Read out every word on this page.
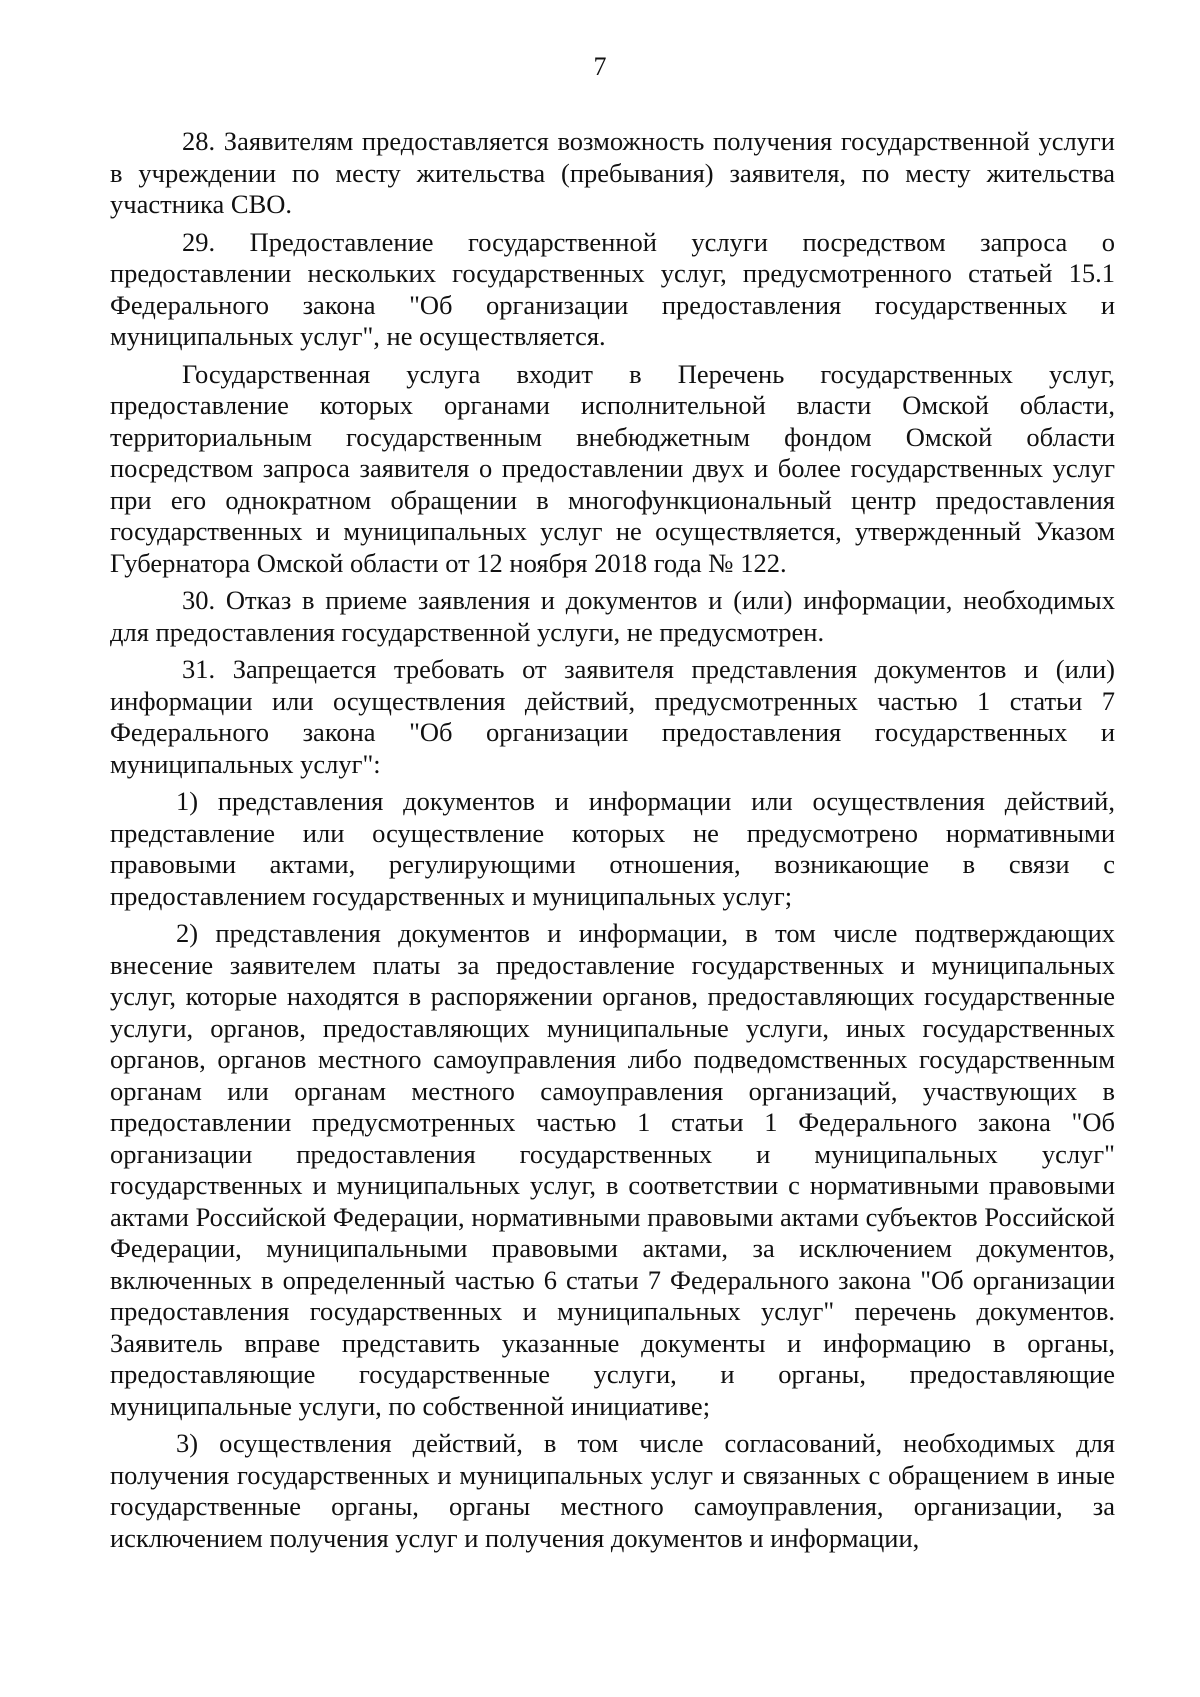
7

28. Заявителям предоставляется возможность получения государственной услуги в учреждении по месту жительства (пребывания) заявителя, по месту жительства участника СВО.

29. Предоставление государственной услуги посредством запроса о предоставлении нескольких государственных услуг, предусмотренного статьей 15.1 Федерального закона "Об организации предоставления государственных и муниципальных услуг", не осуществляется.

Государственная услуга входит в Перечень государственных услуг, предоставление которых органами исполнительной власти Омской области, территориальным государственным внебюджетным фондом Омской области посредством запроса заявителя о предоставлении двух и более государственных услуг при его однократном обращении в многофункциональный центр предоставления государственных и муниципальных услуг не осуществляется, утвержденный Указом Губернатора Омской области от 12 ноября 2018 года № 122.

30. Отказ в приеме заявления и документов и (или) информации, необходимых для предоставления государственной услуги, не предусмотрен.

31. Запрещается требовать от заявителя представления документов и (или) информации или осуществления действий, предусмотренных частью 1 статьи 7 Федерального закона "Об организации предоставления государственных и муниципальных услуг":

1) представления документов и информации или осуществления действий, представление или осуществление которых не предусмотрено нормативными правовыми актами, регулирующими отношения, возникающие в связи с предоставлением государственных и муниципальных услуг;

2) представления документов и информации, в том числе подтверждающих внесение заявителем платы за предоставление государственных и муниципальных услуг, которые находятся в распоряжении органов, предоставляющих государственные услуги, органов, предоставляющих муниципальные услуги, иных государственных органов, органов местного самоуправления либо подведомственных государственным органам или органам местного самоуправления организаций, участвующих в предоставлении предусмотренных частью 1 статьи 1 Федерального закона "Об организации предоставления государственных и муниципальных услуг" государственных и муниципальных услуг, в соответствии с нормативными правовыми актами Российской Федерации, нормативными правовыми актами субъектов Российской Федерации, муниципальными правовыми актами, за исключением документов, включенных в определенный частью 6 статьи 7 Федерального закона "Об организации предоставления государственных и муниципальных услуг" перечень документов. Заявитель вправе представить указанные документы и информацию в органы, предоставляющие государственные услуги, и органы, предоставляющие муниципальные услуги, по собственной инициативе;

3) осуществления действий, в том числе согласований, необходимых для получения государственных и муниципальных услуг и связанных с обращением в иные государственные органы, органы местного самоуправления, организации, за исключением получения услуг и получения документов и информации,
